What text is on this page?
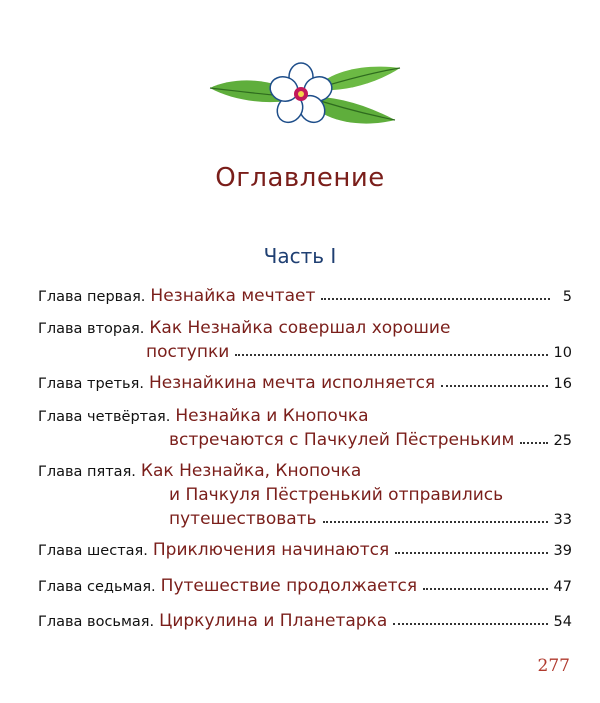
Оглавление
Часть I
Глава первая. Незнайка мечтает	5
Глава вторая. Как Незнайка совершал хорошие
поступки	10
Глава третья. Незнайкина мечта исполняется	16
Глава четвёртая. Незнайка и Кнопочка
встречаются с Пачкулей Пёстреньким	25
Глава пятая. Как Незнайка, Кнопочка
и Пачкуля Пёстренький отправились
путешествовать	33
Глава шестая. Приключения начинаются	39
Глава седьмая. Путешествие продолжается	47
Глава восьмая. Циркулина и Планетарка	54
277
